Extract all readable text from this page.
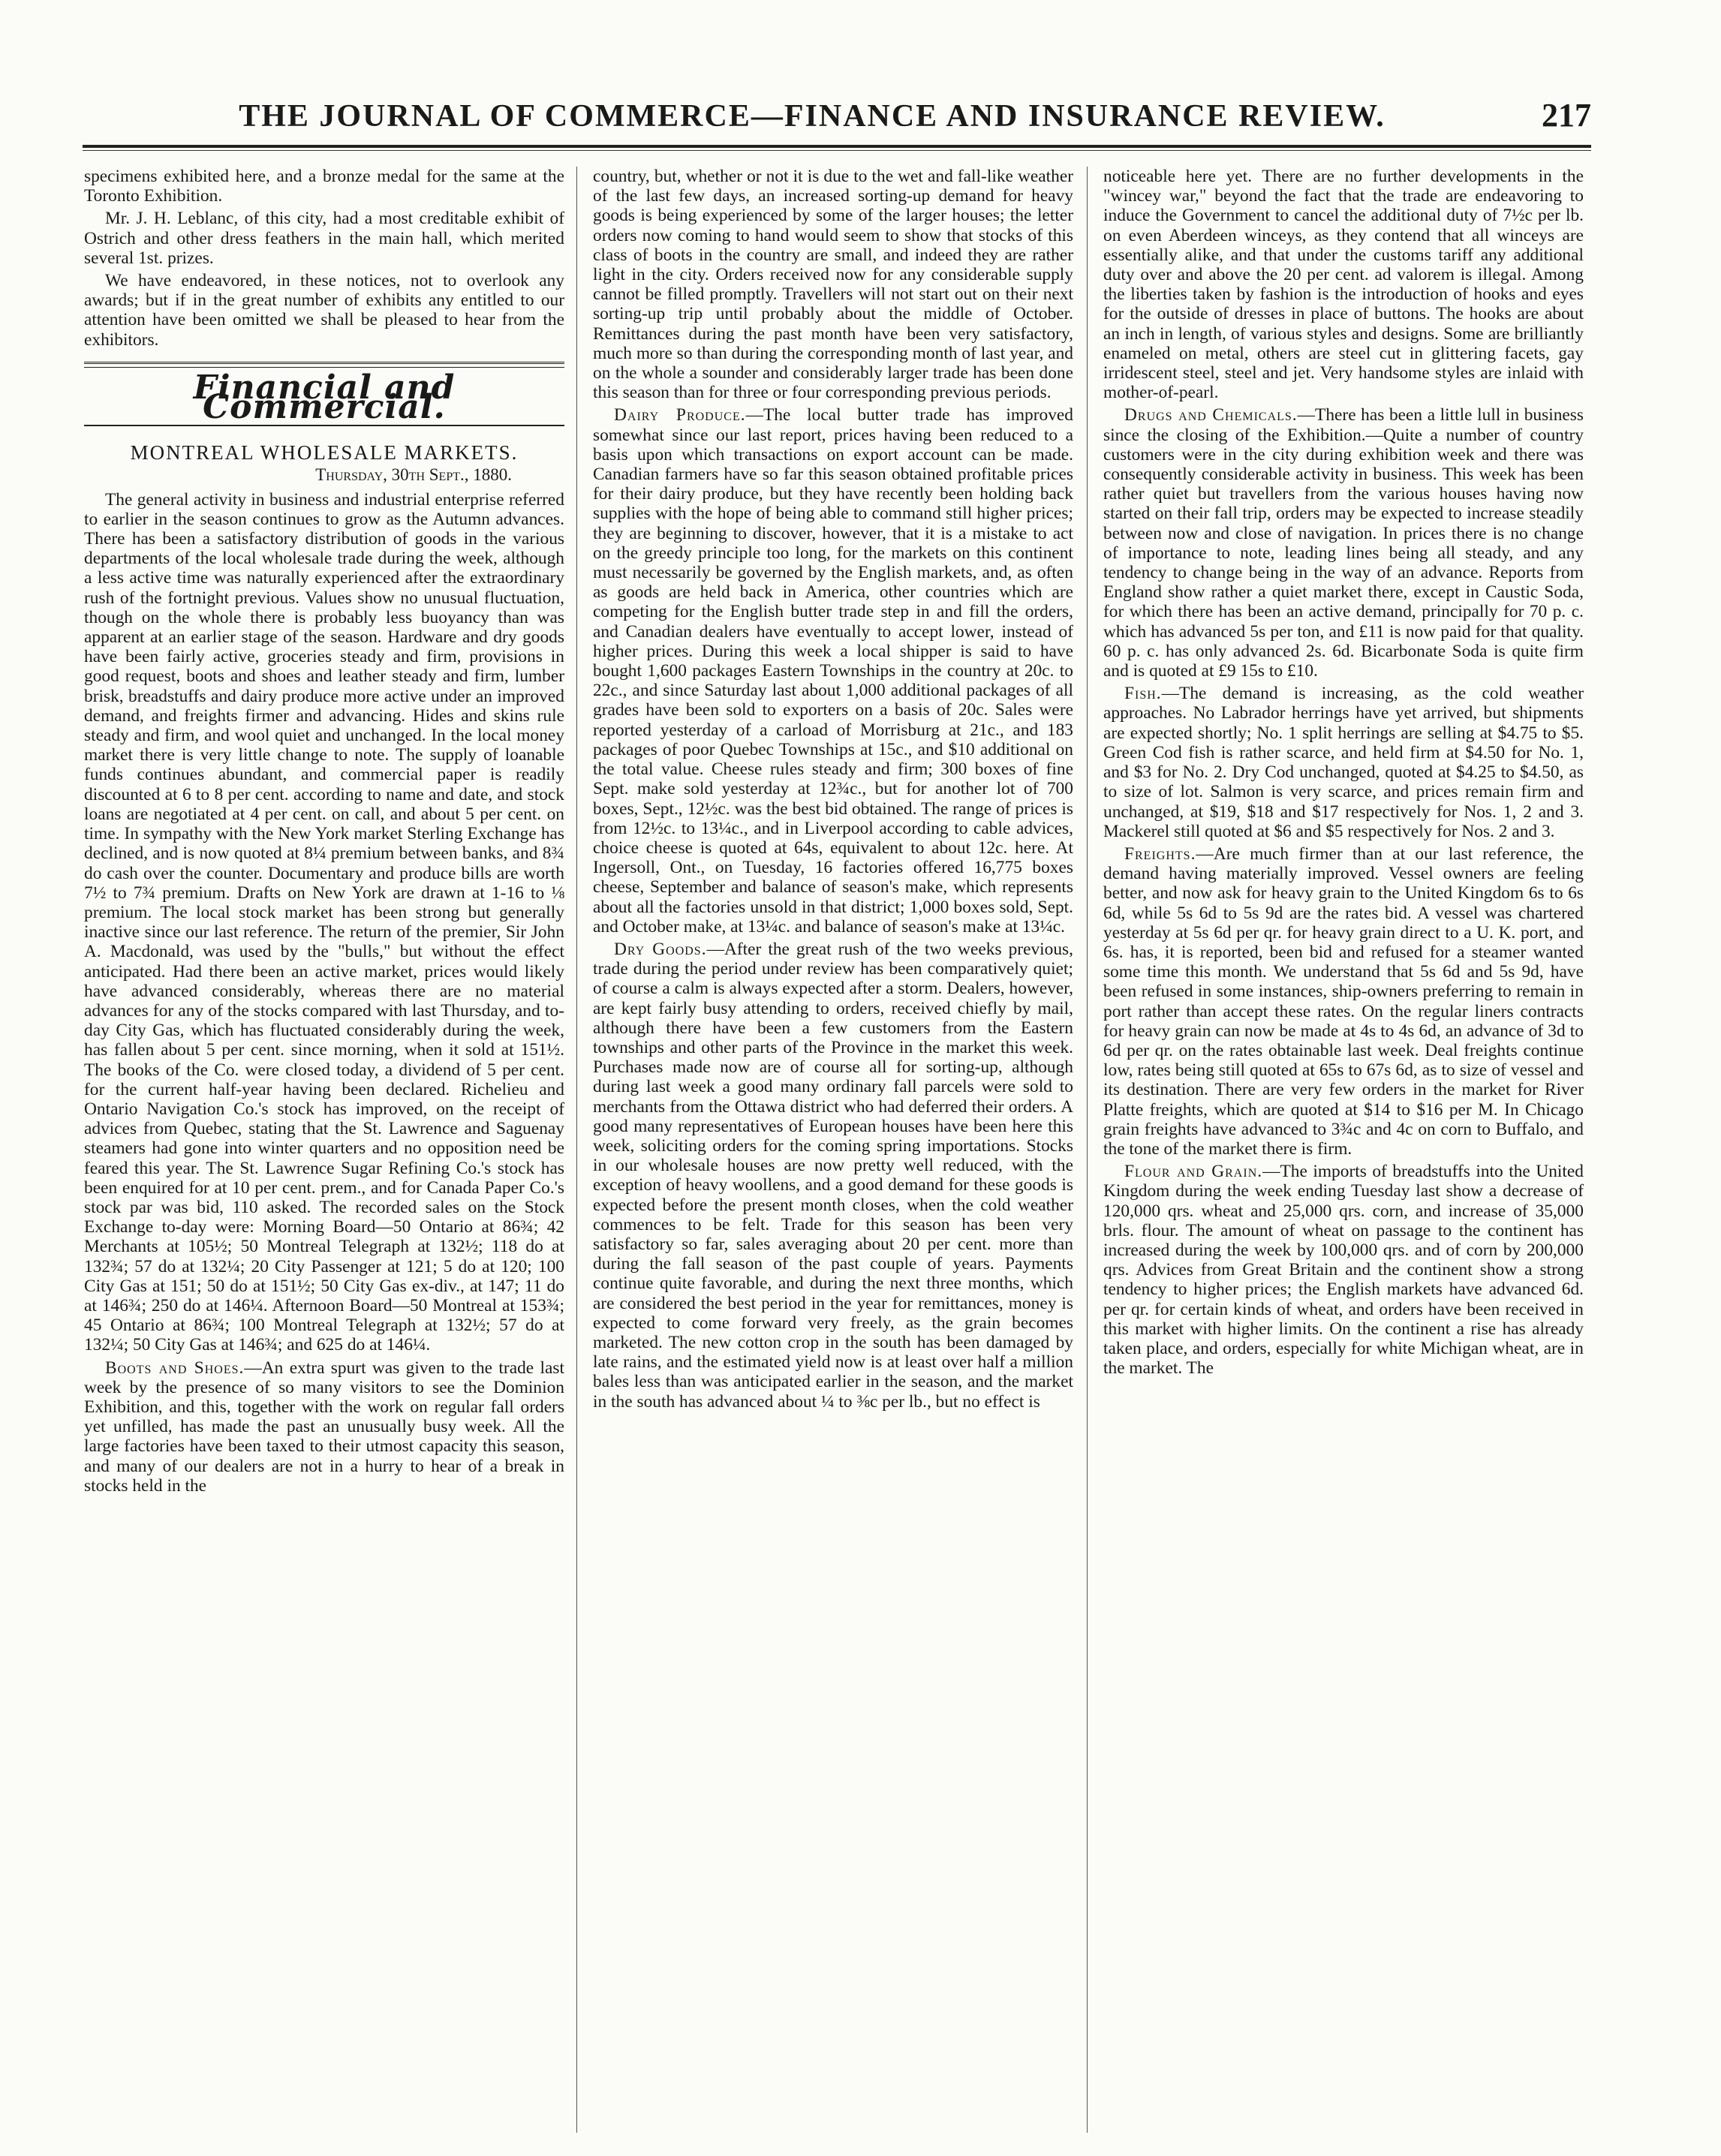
THE JOURNAL OF COMMERCE—FINANCE AND INSURANCE REVIEW.	217

specimens exhibited here, and a bronze medal for the same at the Toronto Exhibition.

Mr. J. H. Leblanc, of this city, had a most creditable exhibit of Ostrich and other dress feathers in the main hall, which merited several 1st. prizes.

We have endeavored, in these notices, not to overlook any awards; but if in the great number of exhibits any entitled to our attention have been omitted we shall be pleased to hear from the exhibitors.

Financial and Commercial.
MONTREAL WHOLESALE MARKETS.
Thursday, 30th Sept., 1880.

The general activity in business and industrial enterprise referred to earlier in the season continues to grow as the Autumn advances. There has been a satisfactory distribution of goods in the various departments of the local wholesale trade during the week, although a less active time was naturally experienced after the extraordinary rush of the fortnight previous. Values show no unusual fluctuation, though on the whole there is probably less buoyancy than was apparent at an earlier stage of the season. Hardware and dry goods have been fairly active, groceries steady and firm, provisions in good request, boots and shoes and leather steady and firm, lumber brisk, breadstuffs and dairy produce more active under an improved demand, and freights firmer and advancing. Hides and skins rule steady and firm, and wool quiet and unchanged. In the local money market there is very little change to note. The supply of loanable funds continues abundant, and commercial paper is readily discounted at 6 to 8 per cent. according to name and date, and stock loans are negotiated at 4 per cent. on call, and about 5 per cent. on time. In sympathy with the New York market Sterling Exchange has declined, and is now quoted at 8¼ premium between banks, and 8¾ do cash over the counter. Documentary and produce bills are worth 7½ to 7¾ premium. Drafts on New York are drawn at 1-16 to ⅛ premium. The local stock market has been strong but generally inactive since our last reference. The return of the premier, Sir John A. Macdonald, was used by the "bulls," but without the effect anticipated. Had there been an active market, prices would likely have advanced considerably, whereas there are no material advances for any of the stocks compared with last Thursday, and to-day City Gas, which has fluctuated considerably during the week, has fallen about 5 per cent. since morning, when it sold at 151½. The books of the Co. were closed today, a dividend of 5 per cent. for the current half-year having been declared. Richelieu and Ontario Navigation Co.'s stock has improved, on the receipt of advices from Quebec, stating that the St. Lawrence and Saguenay steamers had gone into winter quarters and no opposition need be feared this year. The St. Lawrence Sugar Refining Co.'s stock has been enquired for at 10 per cent. prem., and for Canada Paper Co.'s stock par was bid, 110 asked. The recorded sales on the Stock Exchange to-day were: Morning Board—50 Ontario at 86¾; 42 Merchants at 105½; 50 Montreal Telegraph at 132½; 118 do at 132¾; 57 do at 132¼; 20 City Passenger at 121; 5 do at 120; 100 City Gas at 151; 50 do at 151½; 50 City Gas ex-div., at 147; 11 do at 146¾; 250 do at 146¼. Afternoon Board—50 Montreal at 153¾; 45 Ontario at 86¾; 100 Montreal Telegraph at 132½; 57 do at 132¼; 50 City Gas at 146¾; and 625 do at 146¼.

Boots and Shoes.—An extra spurt was given to the trade last week by the presence of so many visitors to see the Dominion Exhibition, and this, together with the work on regular fall orders yet unfilled, has made the past an unusually busy week. All the large factories have been taxed to their utmost capacity this season, and many of our dealers are not in a hurry to hear of a break in stocks held in the

country, but, whether or not it is due to the wet and fall-like weather of the last few days, an increased sorting-up demand for heavy goods is being experienced by some of the larger houses; the letter orders now coming to hand would seem to show that stocks of this class of boots in the country are small, and indeed they are rather light in the city. Orders received now for any considerable supply cannot be filled promptly. Travellers will not start out on their next sorting-up trip until probably about the middle of October. Remittances during the past month have been very satisfactory, much more so than during the corresponding month of last year, and on the whole a sounder and considerably larger trade has been done this season than for three or four corresponding previous periods.

Dairy Produce.—The local butter trade has improved somewhat since our last report, prices having been reduced to a basis upon which transactions on export account can be made. Canadian farmers have so far this season obtained profitable prices for their dairy produce, but they have recently been holding back supplies with the hope of being able to command still higher prices; they are beginning to discover, however, that it is a mistake to act on the greedy principle too long, for the markets on this continent must necessarily be governed by the English markets, and, as often as goods are held back in America, other countries which are competing for the English butter trade step in and fill the orders, and Canadian dealers have eventually to accept lower, instead of higher prices. During this week a local shipper is said to have bought 1,600 packages Eastern Townships in the country at 20c. to 22c., and since Saturday last about 1,000 additional packages of all grades have been sold to exporters on a basis of 20c. Sales were reported yesterday of a carload of Morrisburg at 21c., and 183 packages of poor Quebec Townships at 15c., and $10 additional on the total value. Cheese rules steady and firm; 300 boxes of fine Sept. make sold yesterday at 12¾c., but for another lot of 700 boxes, Sept., 12½c. was the best bid obtained. The range of prices is from 12½c. to 13¼c., and in Liverpool according to cable advices, choice cheese is quoted at 64s, equivalent to about 12c. here. At Ingersoll, Ont., on Tuesday, 16 factories offered 16,775 boxes cheese, September and balance of season's make, which represents about all the factories unsold in that district; 1,000 boxes sold, Sept. and October make, at 13¼c. and balance of season's make at 13¼c.

Dry Goods.—After the great rush of the two weeks previous, trade during the period under review has been comparatively quiet; of course a calm is always expected after a storm. Dealers, however, are kept fairly busy attending to orders, received chiefly by mail, although there have been a few customers from the Eastern townships and other parts of the Province in the market this week. Purchases made now are of course all for sorting-up, although during last week a good many ordinary fall parcels were sold to merchants from the Ottawa district who had deferred their orders. A good many representatives of European houses have been here this week, soliciting orders for the coming spring importations. Stocks in our wholesale houses are now pretty well reduced, with the exception of heavy woollens, and a good demand for these goods is expected before the present month closes, when the cold weather commences to be felt. Trade for this season has been very satisfactory so far, sales averaging about 20 per cent. more than during the fall season of the past couple of years. Payments continue quite favorable, and during the next three months, which are considered the best period in the year for remittances, money is expected to come forward very freely, as the grain becomes marketed. The new cotton crop in the south has been damaged by late rains, and the estimated yield now is at least over half a million bales less than was anticipated earlier in the season, and the market in the south has advanced about ¼ to ⅜c per lb., but no effect is

noticeable here yet. There are no further developments in the "wincey war," beyond the fact that the trade are endeavoring to induce the Government to cancel the additional duty of 7½c per lb. on even Aberdeen winceys, as they contend that all winceys are essentially alike, and that under the customs tariff any additional duty over and above the 20 per cent. ad valorem is illegal. Among the liberties taken by fashion is the introduction of hooks and eyes for the outside of dresses in place of buttons. The hooks are about an inch in length, of various styles and designs. Some are brilliantly enameled on metal, others are steel cut in glittering facets, gay irridescent steel, steel and jet. Very handsome styles are inlaid with mother-of-pearl.

Drugs and Chemicals.—There has been a little lull in business since the closing of the Exhibition.—Quite a number of country customers were in the city during exhibition week and there was consequently considerable activity in business. This week has been rather quiet but travellers from the various houses having now started on their fall trip, orders may be expected to increase steadily between now and close of navigation. In prices there is no change of importance to note, leading lines being all steady, and any tendency to change being in the way of an advance. Reports from England show rather a quiet market there, except in Caustic Soda, for which there has been an active demand, principally for 70 p. c. which has advanced 5s per ton, and £11 is now paid for that quality. 60 p. c. has only advanced 2s. 6d. Bicarbonate Soda is quite firm and is quoted at £9 15s to £10.

Fish.—The demand is increasing, as the cold weather approaches. No Labrador herrings have yet arrived, but shipments are expected shortly; No. 1 split herrings are selling at $4.75 to $5. Green Cod fish is rather scarce, and held firm at $4.50 for No. 1, and $3 for No. 2. Dry Cod unchanged, quoted at $4.25 to $4.50, as to size of lot. Salmon is very scarce, and prices remain firm and unchanged, at $19, $18 and $17 respectively for Nos. 1, 2 and 3. Mackerel still quoted at $6 and $5 respectively for Nos. 2 and 3.

Freights.—Are much firmer than at our last reference, the demand having materially improved. Vessel owners are feeling better, and now ask for heavy grain to the United Kingdom 6s to 6s 6d, while 5s 6d to 5s 9d are the rates bid. A vessel was chartered yesterday at 5s 6d per qr. for heavy grain direct to a U. K. port, and 6s. has, it is reported, been bid and refused for a steamer wanted some time this month. We understand that 5s 6d and 5s 9d, have been refused in some instances, ship-owners preferring to remain in port rather than accept these rates. On the regular liners contracts for heavy grain can now be made at 4s to 4s 6d, an advance of 3d to 6d per qr. on the rates obtainable last week. Deal freights continue low, rates being still quoted at 65s to 67s 6d, as to size of vessel and its destination. There are very few orders in the market for River Platte freights, which are quoted at $14 to $16 per M. In Chicago grain freights have advanced to 3¾c and 4c on corn to Buffalo, and the tone of the market there is firm.

Flour and Grain.—The imports of breadstuffs into the United Kingdom during the week ending Tuesday last show a decrease of 120,000 qrs. wheat and 25,000 qrs. corn, and increase of 35,000 brls. flour. The amount of wheat on passage to the continent has increased during the week by 100,000 qrs. and of corn by 200,000 qrs. Advices from Great Britain and the continent show a strong tendency to higher prices; the English markets have advanced 6d. per qr. for certain kinds of wheat, and orders have been received in this market with higher limits. On the continent a rise has already taken place, and orders, especially for white Michigan wheat, are in the market. The
